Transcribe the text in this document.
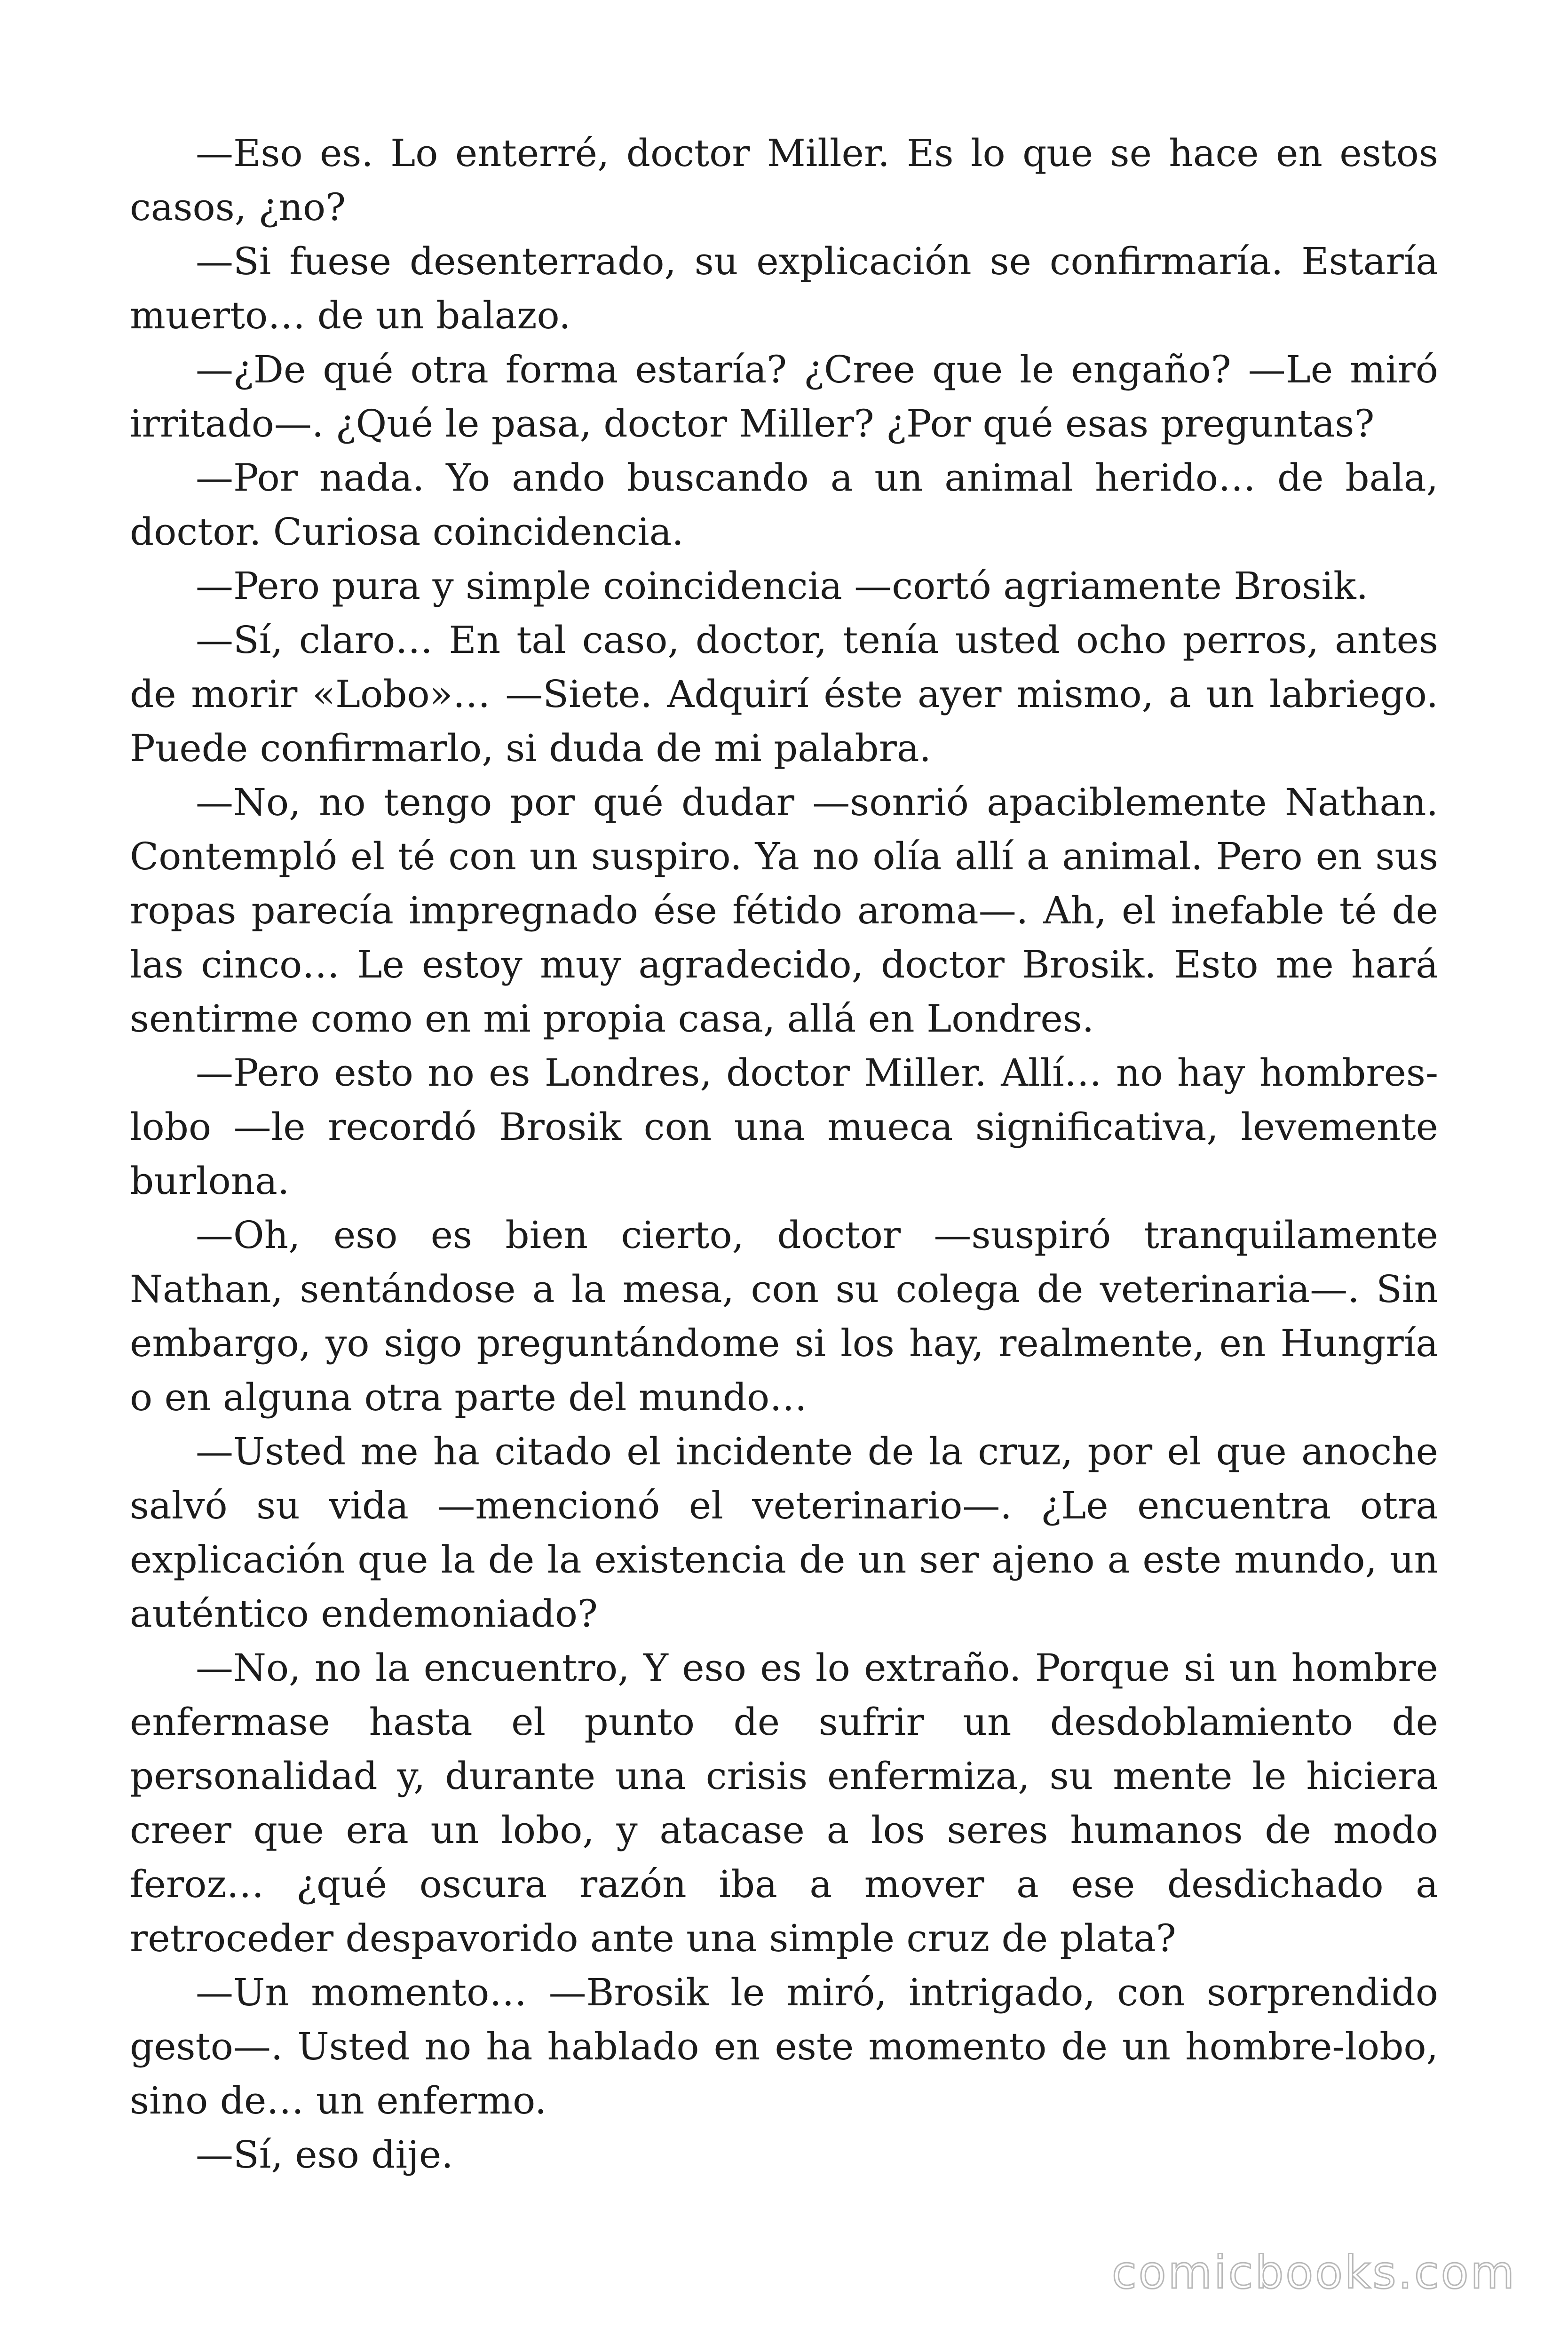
—Eso es. Lo enterré, doctor Miller. Es lo que se hace en estos casos, ¿no?

—Si fuese desenterrado, su explicación se confirmaría. Estaría muerto… de un balazo.

—¿De qué otra forma estaría? ¿Cree que le engaño? —Le miró irritado—. ¿Qué le pasa, doctor Miller? ¿Por qué esas preguntas?

—Por nada. Yo ando buscando a un animal herido… de bala, doctor. Curiosa coincidencia.

—Pero pura y simple coincidencia —cortó agriamente Brosik.

—Sí, claro… En tal caso, doctor, tenía usted ocho perros, antes de morir «Lobo»… —Siete. Adquirí éste ayer mismo, a un labriego. Puede confirmarlo, si duda de mi palabra.

—No, no tengo por qué dudar —sonrió apaciblemente Nathan. Contempló el té con un suspiro. Ya no olía allí a animal. Pero en sus ropas parecía impregnado ése fétido aroma—. Ah, el inefable té de las cinco… Le estoy muy agradecido, doctor Brosik. Esto me hará sentirme como en mi propia casa, allá en Londres.

—Pero esto no es Londres, doctor Miller. Allí… no hay hombres-lobo —le recordó Brosik con una mueca significativa, levemente burlona.

—Oh, eso es bien cierto, doctor —suspiró tranquilamente Nathan, sentándose a la mesa, con su colega de veterinaria—. Sin embargo, yo sigo preguntándome si los hay, realmente, en Hungría o en alguna otra parte del mundo…

—Usted me ha citado el incidente de la cruz, por el que anoche salvó su vida —mencionó el veterinario—. ¿Le encuentra otra explicación que la de la existencia de un ser ajeno a este mundo, un auténtico endemoniado?

—No, no la encuentro, Y eso es lo extraño. Porque si un hombre enfermase hasta el punto de sufrir un desdoblamiento de personalidad y, durante una crisis enfermiza, su mente le hiciera creer que era un lobo, y atacase a los seres humanos de modo feroz… ¿qué oscura razón iba a mover a ese desdichado a retroceder despavorido ante una simple cruz de plata?

—Un momento… —Brosik le miró, intrigado, con sorprendido gesto—. Usted no ha hablado en este momento de un hombre-lobo, sino de… un enfermo.

—Sí, eso dije.

comicbooks.com
